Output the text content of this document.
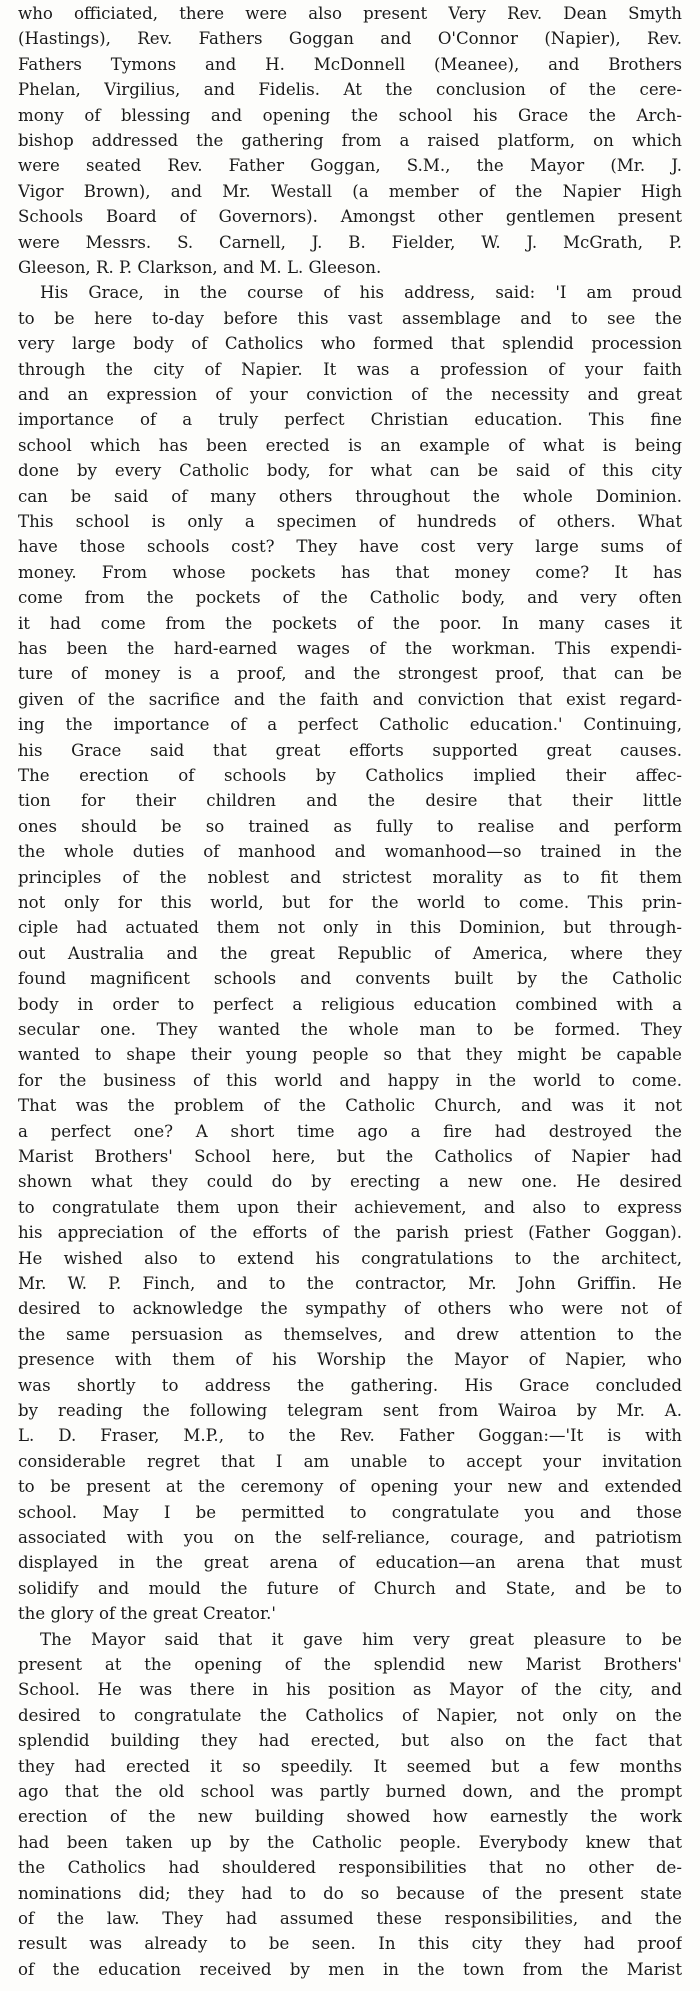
who officiated, there were also present Very Rev. Dean Smyth
(Hastings), Rev. Fathers Goggan and O'Connor (Napier), Rev.
Fathers Tymons and H. McDonnell (Meanee), and Brothers
Phelan, Virgilius, and Fidelis. At the conclusion of the cere-
mony of blessing and opening the school his Grace the Arch-
bishop addressed the gathering from a raised platform, on which
were seated Rev. Father Goggan, S.M., the Mayor (Mr. J.
Vigor Brown), and Mr. Westall (a member of the Napier High
Schools Board of Governors). Amongst other gentlemen present
were Messrs. S. Carnell, J. B. Fielder, W. J. McGrath, P.
Gleeson, R. P. Clarkson, and M. L. Gleeson.
His Grace, in the course of his address, said: 'I am proud
to be here to-day before this vast assemblage and to see the
very large body of Catholics who formed that splendid procession
through the city of Napier. It was a profession of your faith
and an expression of your conviction of the necessity and great
importance of a truly perfect Christian education. This fine
school which has been erected is an example of what is being
done by every Catholic body, for what can be said of this city
can be said of many others throughout the whole Dominion.
This school is only a specimen of hundreds of others. What
have those schools cost? They have cost very large sums of
money. From whose pockets has that money come? It has
come from the pockets of the Catholic body, and very often
it had come from the pockets of the poor. In many cases it
has been the hard-earned wages of the workman. This expendi-
ture of money is a proof, and the strongest proof, that can be
given of the sacrifice and the faith and conviction that exist regard-
ing the importance of a perfect Catholic education.' Continuing,
his Grace said that great efforts supported great causes.
The erection of schools by Catholics implied their affec-
tion for their children and the desire that their little
ones should be so trained as fully to realise and perform
the whole duties of manhood and womanhood—so trained in the
principles of the noblest and strictest morality as to fit them
not only for this world, but for the world to come. This prin-
ciple had actuated them not only in this Dominion, but through-
out Australia and the great Republic of America, where they
found magnificent schools and convents built by the Catholic
body in order to perfect a religious education combined with a
secular one. They wanted the whole man to be formed. They
wanted to shape their young people so that they might be capable
for the business of this world and happy in the world to come.
That was the problem of the Catholic Church, and was it not
a perfect one? A short time ago a fire had destroyed the
Marist Brothers' School here, but the Catholics of Napier had
shown what they could do by erecting a new one. He desired
to congratulate them upon their achievement, and also to express
his appreciation of the efforts of the parish priest (Father Goggan).
He wished also to extend his congratulations to the architect,
Mr. W. P. Finch, and to the contractor, Mr. John Griffin. He
desired to acknowledge the sympathy of others who were not of
the same persuasion as themselves, and drew attention to the
presence with them of his Worship the Mayor of Napier, who
was shortly to address the gathering. His Grace concluded
by reading the following telegram sent from Wairoa by Mr. A.
L. D. Fraser, M.P., to the Rev. Father Goggan:—'It is with
considerable regret that I am unable to accept your invitation
to be present at the ceremony of opening your new and extended
school. May I be permitted to congratulate you and those
associated with you on the self-reliance, courage, and patriotism
displayed in the great arena of education—an arena that must
solidify and mould the future of Church and State, and be to
the glory of the great Creator.'
The Mayor said that it gave him very great pleasure to be
present at the opening of the splendid new Marist Brothers'
School. He was there in his position as Mayor of the city, and
desired to congratulate the Catholics of Napier, not only on the
splendid building they had erected, but also on the fact that
they had erected it so speedily. It seemed but a few months
ago that the old school was partly burned down, and the prompt
erection of the new building showed how earnestly the work
had been taken up by the Catholic people. Everybody knew that
the Catholics had shouldered responsibilities that no other de-
nominations did; they had to do so because of the present state
of the law. They had assumed these responsibilities, and the
result was already to be seen. In this city they had proof
of the education received by men in the town from the Marist
